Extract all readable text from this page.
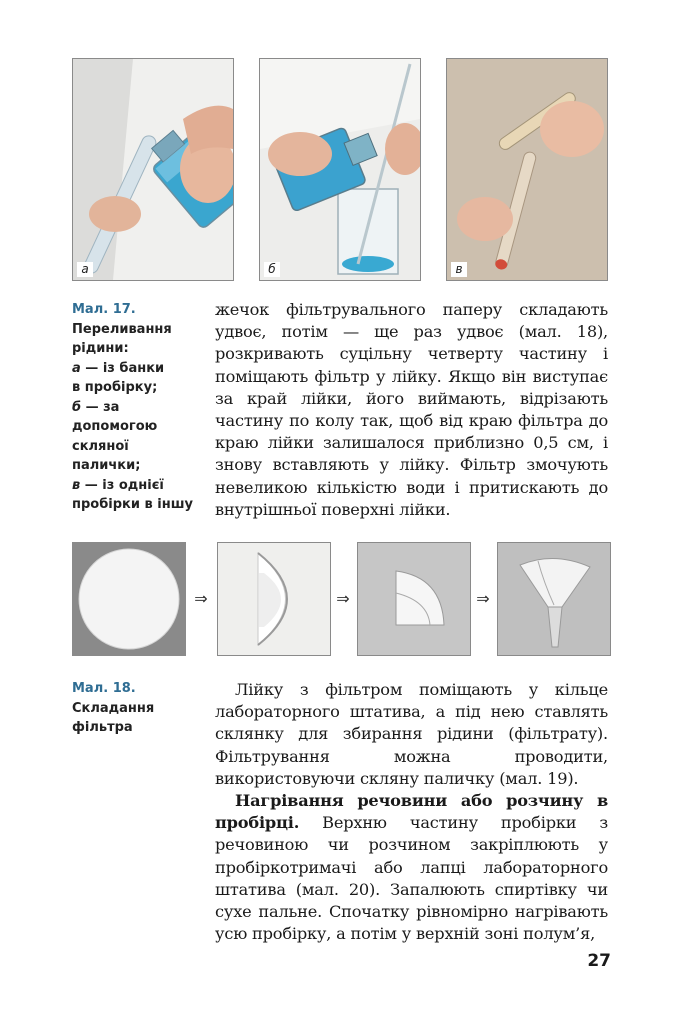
а	б	в
Мал. 17.
Переливання
рідини:
а — із банки
в пробірку;
б — за
допомогою
скляної
палички;
в — із однієї
пробірки в іншу

жечок фільтрувального паперу складають удвоє, потім — ще раз удвоє (мал. 18), розкривають суцільну четверту частину і поміщають фільтр у лійку. Якщо він виступає за край лійки, його виймають, відрізають частину по колу так, щоб від краю фільтра до краю лійки залишалося приблизно 0,5 см, і знову вставляють у лійку. Фільтр змочують невеликою кількістю води і притискають до внутрішньої поверхні лійки.

⇒	⇒	⇒
Мал. 18.
Складання
фільтра

Лійку з фільтром поміщають у кільце лабораторного штатива, а під нею ставлять склянку для збирання рідини (фільтрату). Фільтрування можна проводити, використовуючи скляну паличку (мал. 19).

Нагрівання речовини або розчину в пробірці. Верхню частину пробірки з речовиною чи розчином закріплюють у пробіркотримачі або лапці лабораторного штатива (мал. 20). Запалюють спиртівку чи сухе пальне. Спочатку рівномірно нагрівають усю пробірку, а потім у верхній зоні полум’я,

27
